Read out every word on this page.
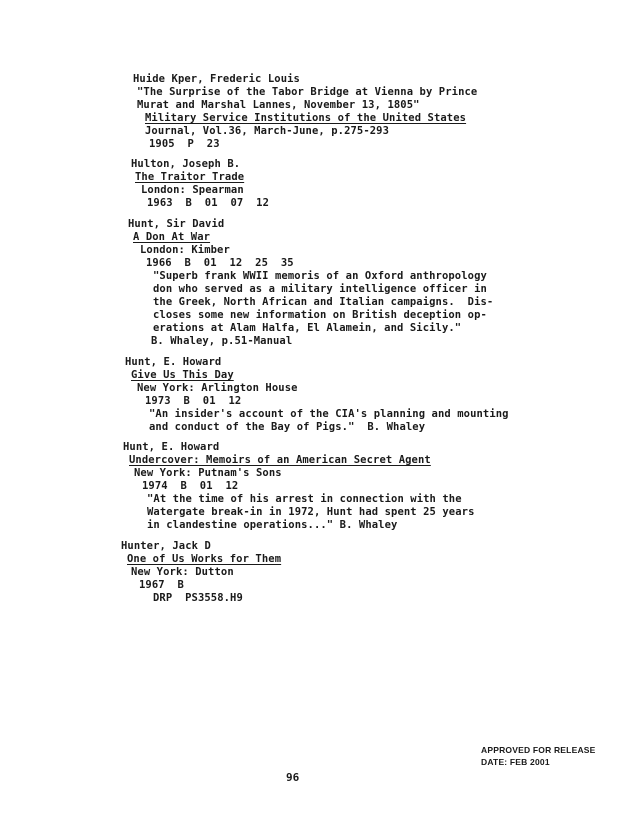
Huide Kper, Frederic Louis
"The Surprise of the Tabor Bridge at Vienna by Prince
Murat and Marshal Lannes, November 13, 1805"
Military Service Institutions of the United States
Journal, Vol.36, March-June, p.275-293
1905  P  23
Hulton, Joseph B.
The Traitor Trade
London: Spearman
1963  B  01  07  12
Hunt, Sir David
A Don At War
London: Kimber
1966  B  01  12  25  35
"Superb frank WWII memoris of an Oxford anthropology
don who served as a military intelligence officer in
the Greek, North African and Italian campaigns.  Dis-
closes some new information on British deception op-
erations at Alam Halfa, El Alamein, and Sicily."
B. Whaley, p.51-Manual
Hunt, E. Howard
Give Us This Day
New York: Arlington House
1973  B  01  12
"An insider's account of the CIA's planning and mounting
and conduct of the Bay of Pigs."  B. Whaley
Hunt, E. Howard
Undercover: Memoirs of an American Secret Agent
New York: Putnam's Sons
1974  B  01  12
"At the time of his arrest in connection with the
Watergate break-in in 1972, Hunt had spent 25 years
in clandestine operations..." B. Whaley
Hunter, Jack D
One of Us Works for Them
New York: Dutton
1967  B
DRP  PS3558.H9
APPROVED FOR RELEASE
DATE: FEB 2001
96
